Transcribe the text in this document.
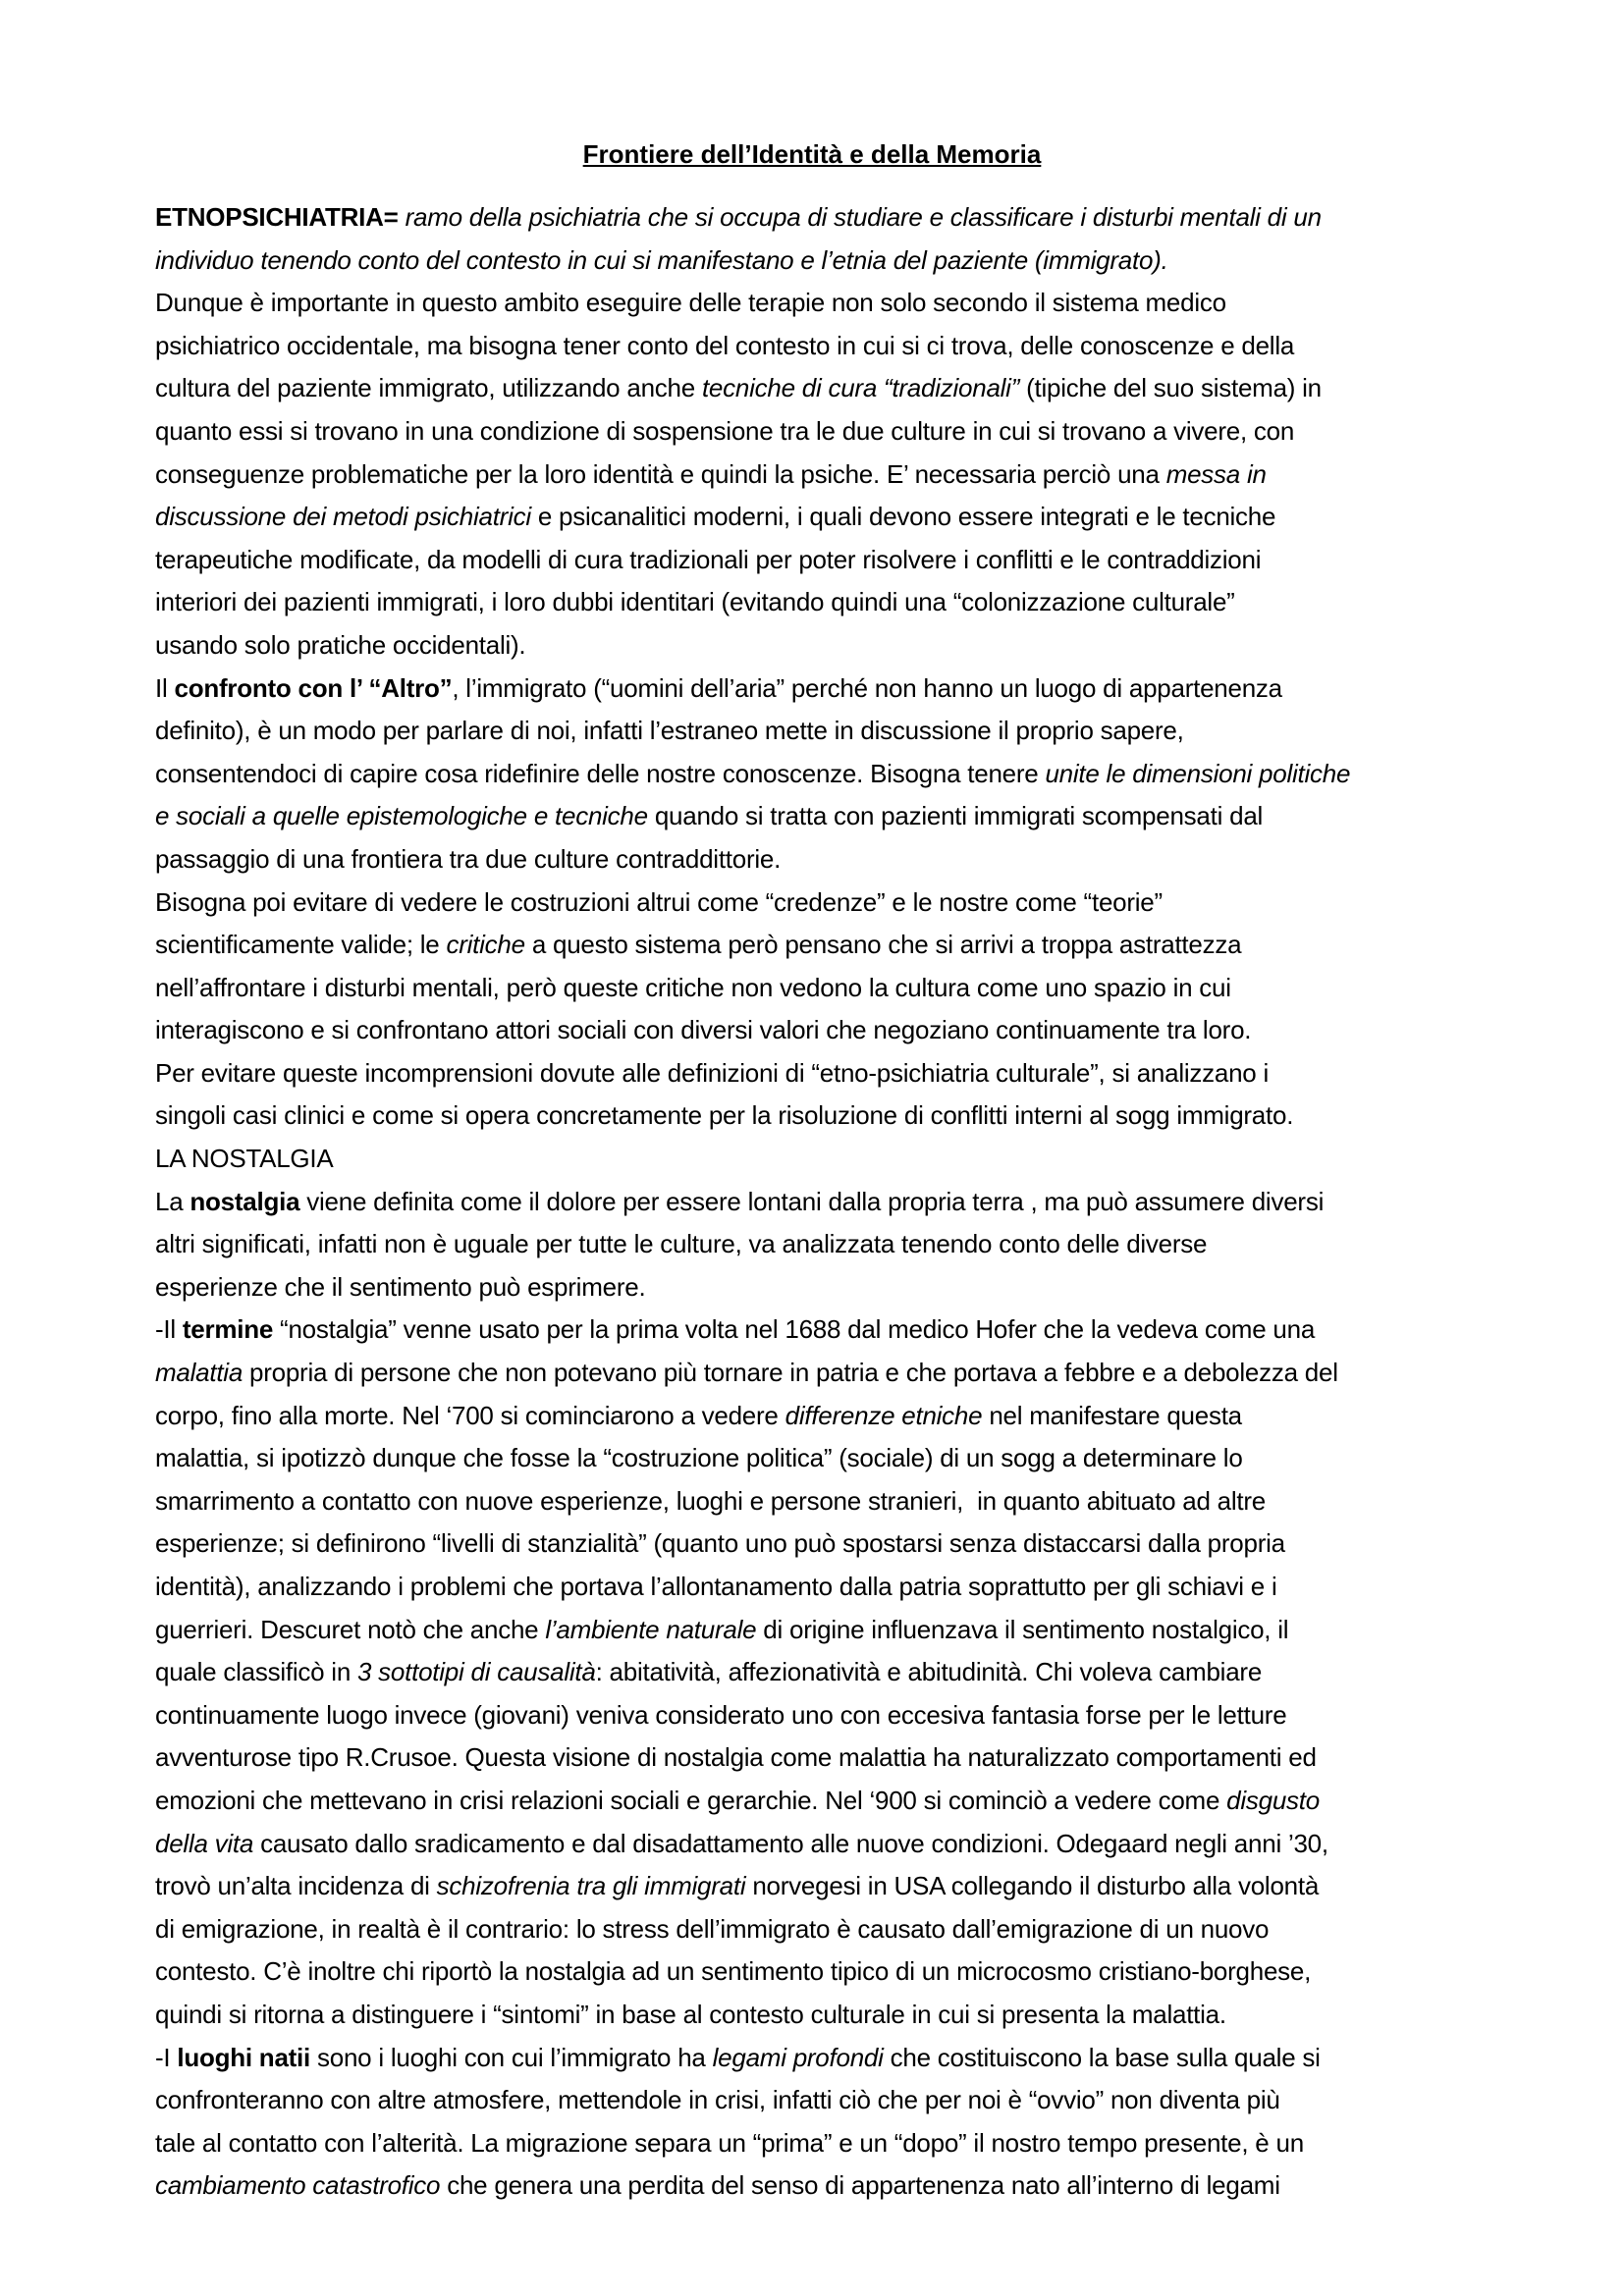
Frontiere dell’Identità e della Memoria
ETNOPSICHIATRIA= ramo della psichiatria che si occupa di studiare e classificare i disturbi mentali di un
individuo tenendo conto del contesto in cui si manifestano e l’etnia del paziente (immigrato).
Dunque è importante in questo ambito eseguire delle terapie non solo secondo il sistema medico
psichiatrico occidentale, ma bisogna tener conto del contesto in cui si ci trova, delle conoscenze e della
cultura del paziente immigrato, utilizzando anche tecniche di cura “tradizionali” (tipiche del suo sistema) in
quanto essi si trovano in una condizione di sospensione tra le due culture in cui si trovano a vivere, con
conseguenze problematiche per la loro identità e quindi la psiche. E’ necessaria perciò una messa in
discussione dei metodi psichiatrici e psicanalitici moderni, i quali devono essere integrati e le tecniche
terapeutiche modificate, da modelli di cura tradizionali per poter risolvere i conflitti e le contraddizioni
interiori dei pazienti immigrati, i loro dubbi identitari (evitando quindi una “colonizzazione culturale”
usando solo pratiche occidentali).
Il confronto con l’ “Altro”, l’immigrato (“uomini dell’aria” perché non hanno un luogo di appartenenza
definito), è un modo per parlare di noi, infatti l’estraneo mette in discussione il proprio sapere,
consentendoci di capire cosa ridefinire delle nostre conoscenze. Bisogna tenere unite le dimensioni politiche
e sociali a quelle epistemologiche e tecniche quando si tratta con pazienti immigrati scompensati dal
passaggio di una frontiera tra due culture contraddittorie.
Bisogna poi evitare di vedere le costruzioni altrui come “credenze” e le nostre come “teorie”
scientificamente valide; le critiche a questo sistema però pensano che si arrivi a troppa astrattezza
nell’affrontare i disturbi mentali, però queste critiche non vedono la cultura come uno spazio in cui
interagiscono e si confrontano attori sociali con diversi valori che negoziano continuamente tra loro.
Per evitare queste incomprensioni dovute alle definizioni di “etno-psichiatria culturale”, si analizzano i
singoli casi clinici e come si opera concretamente per la risoluzione di conflitti interni al sogg immigrato.
LA NOSTALGIA
La nostalgia viene definita come il dolore per essere lontani dalla propria terra , ma può assumere diversi
altri significati, infatti non è uguale per tutte le culture, va analizzata tenendo conto delle diverse
esperienze che il sentimento può esprimere.
-Il termine “nostalgia” venne usato per la prima volta nel 1688 dal medico Hofer che la vedeva come una
malattia propria di persone che non potevano più tornare in patria e che portava a febbre e a debolezza del
corpo, fino alla morte. Nel ‘700 si cominciarono a vedere differenze etniche nel manifestare questa
malattia, si ipotizzò dunque che fosse la “costruzione politica” (sociale) di un sogg a determinare lo
smarrimento a contatto con nuove esperienze, luoghi e persone stranieri,  in quanto abituato ad altre
esperienze; si definirono “livelli di stanzialità” (quanto uno può spostarsi senza distaccarsi dalla propria
identità), analizzando i problemi che portava l’allontanamento dalla patria soprattutto per gli schiavi e i
guerrieri. Descuret notò che anche l’ambiente naturale di origine influenzava il sentimento nostalgico, il
quale classificò in 3 sottotipi di causalità: abitatività, affezionatività e abitudinità. Chi voleva cambiare
continuamente luogo invece (giovani) veniva considerato uno con eccesiva fantasia forse per le letture
avventurose tipo R.Crusoe. Questa visione di nostalgia come malattia ha naturalizzato comportamenti ed
emozioni che mettevano in crisi relazioni sociali e gerarchie. Nel ‘900 si cominciò a vedere come disgusto
della vita causato dallo sradicamento e dal disadattamento alle nuove condizioni. Odegaard negli anni ’30,
trovò un’alta incidenza di schizofrenia tra gli immigrati norvegesi in USA collegando il disturbo alla volontà
di emigrazione, in realtà è il contrario: lo stress dell’immigrato è causato dall’emigrazione di un nuovo
contesto. C’è inoltre chi riportò la nostalgia ad un sentimento tipico di un microcosmo cristiano-borghese,
quindi si ritorna a distinguere i “sintomi” in base al contesto culturale in cui si presenta la malattia.
-I luoghi natii sono i luoghi con cui l’immigrato ha legami profondi che costituiscono la base sulla quale si
confronteranno con altre atmosfere, mettendole in crisi, infatti ciò che per noi è “ovvio” non diventa più
tale al contatto con l’alterità. La migrazione separa un “prima” e un “dopo” il nostro tempo presente, è un
cambiamento catastrofico che genera una perdita del senso di appartenenza nato all’interno di legami
